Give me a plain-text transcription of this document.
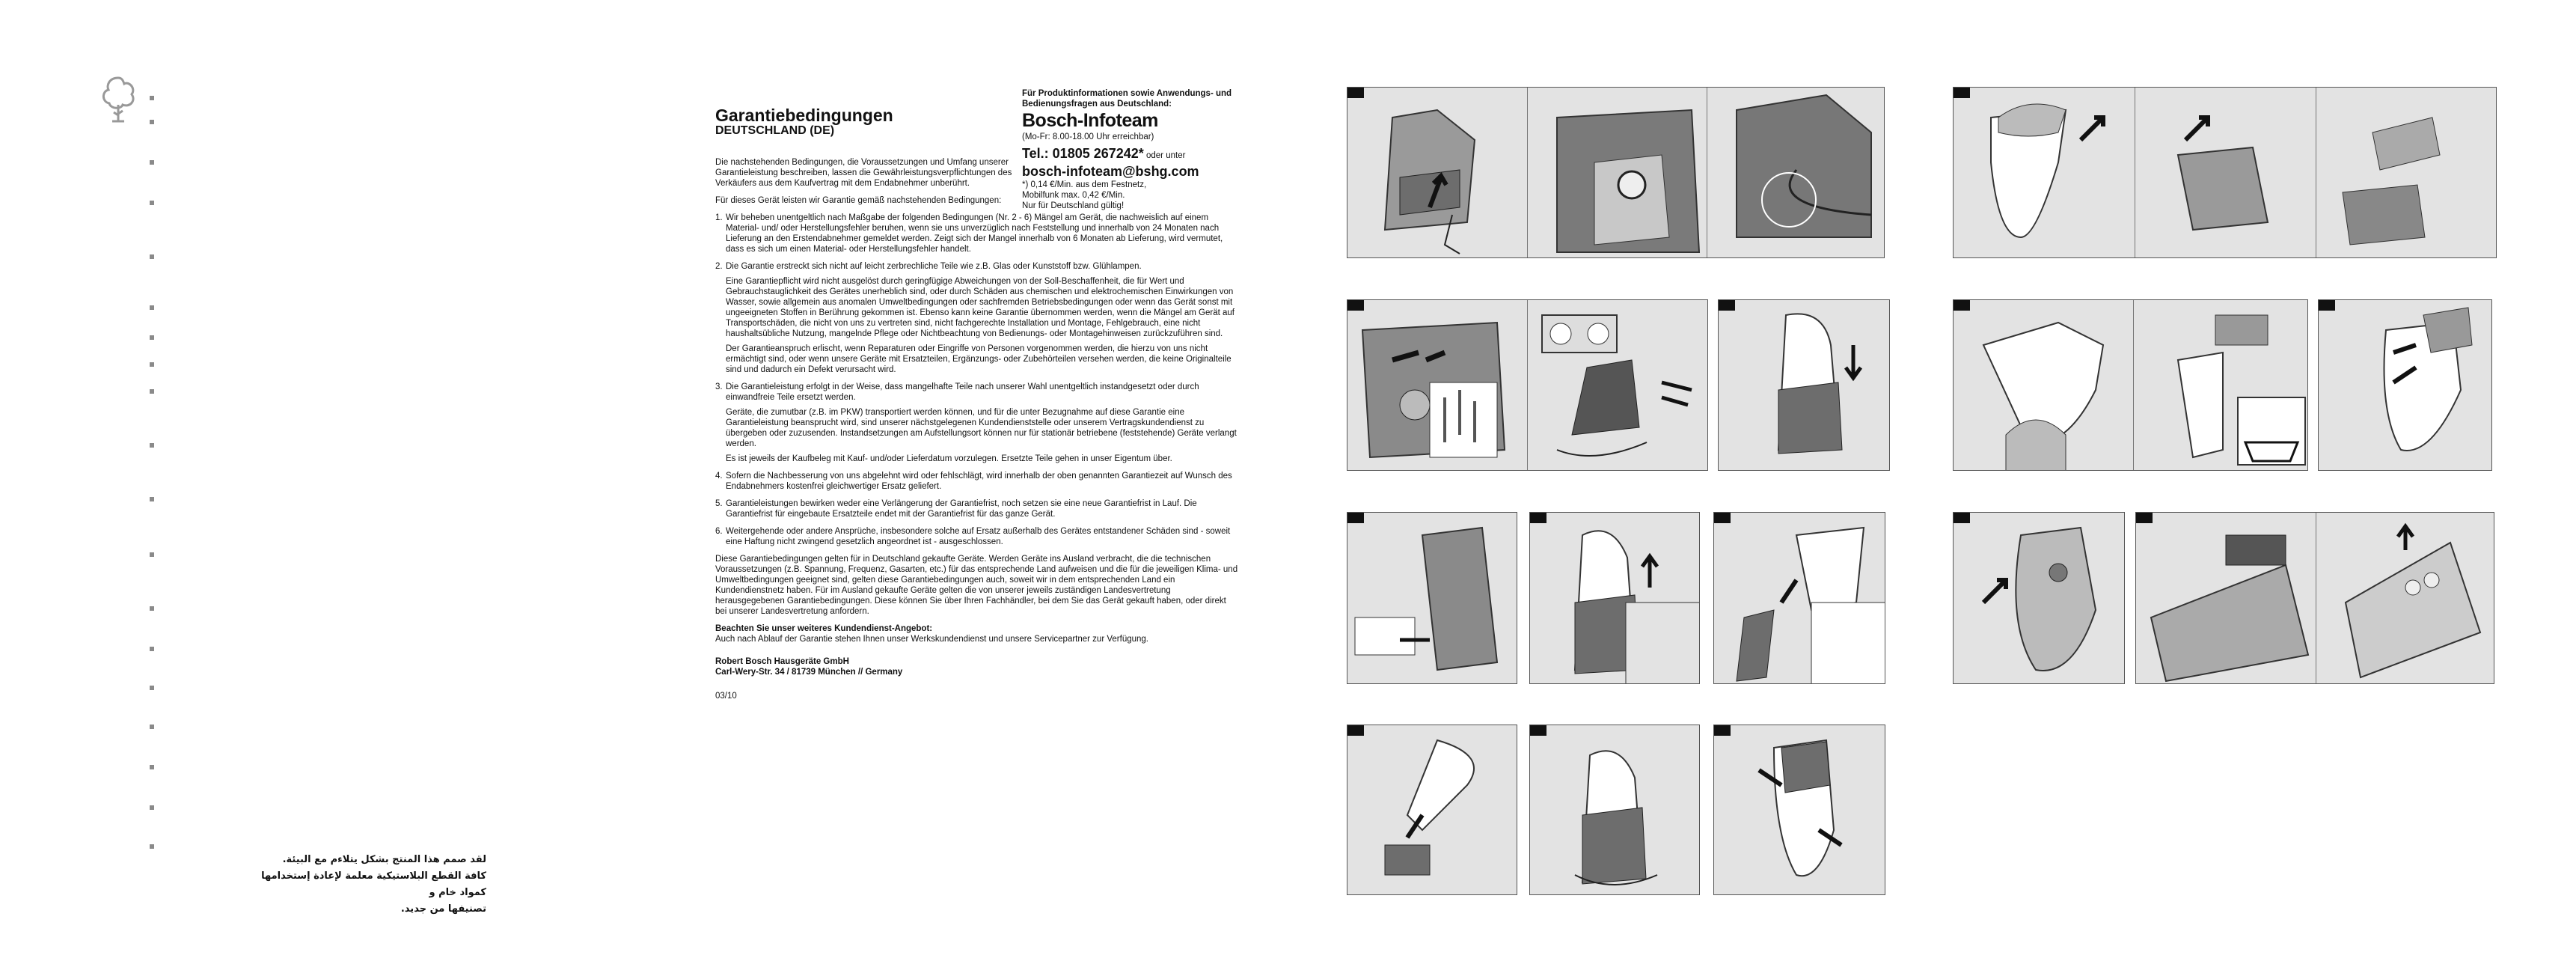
لقد صمم هذا المنتج بشكل يتلاءم مع البيئة.
كافة القطع البلاستيكية معلمة لإعادة إستخدامها كمواد خام و
تصنيفها من جديد.
Garantiebedingungen
DEUTSCHLAND (DE)

Die nachstehenden Bedingungen, die Voraussetzungen und Umfang unserer Garantieleistung beschreiben, lassen die Gewährleistungsverpflichtungen des Verkäufers aus dem Kaufvertrag mit dem Endabnehmer unberührt.

Für dieses Gerät leisten wir Garantie gemäß nachstehenden Bedingungen:

1. Wir beheben unentgeltlich nach Maßgabe der folgenden Bedingungen (Nr. 2 - 6) Mängel am Gerät, die nachweislich auf einem Material- und/ oder Herstellungsfehler beruhen, wenn sie uns unverzüglich nach Feststellung und innerhalb von 24 Monaten nach Lieferung an den Erstendabnehmer gemeldet werden. Zeigt sich der Mangel innerhalb von 6 Monaten ab Lieferung, wird vermutet, dass es sich um einen Material- oder Herstellungsfehler handelt.

2. Die Garantie erstreckt sich nicht auf leicht zerbrechliche Teile wie z.B. Glas oder Kunststoff bzw. Glühlampen.

Eine Garantiepflicht wird nicht ausgelöst durch geringfügige Abweichungen von der Soll-Beschaffenheit, die für Wert und Gebrauchstauglichkeit des Gerätes unerheblich sind, oder durch Schäden aus chemischen und elektrochemischen Einwirkungen von Wasser, sowie allgemein aus anomalen Umweltbedingungen oder sachfremden Betriebsbedingungen oder wenn das Gerät sonst mit ungeeigneten Stoffen in Berührung gekommen ist. Ebenso kann keine Garantie übernommen werden, wenn die Mängel am Gerät auf Transportschäden, die nicht von uns zu vertreten sind, nicht fachgerechte Installation und Montage, Fehlgebrauch, eine nicht haushaltsübliche Nutzung, mangelnde Pflege oder Nichtbeachtung von Bedienungs- oder Montagehinweisen zurückzuführen sind.

Der Garantieanspruch erlischt, wenn Reparaturen oder Eingriffe von Personen vorgenommen werden, die hierzu von uns nicht ermächtigt sind, oder wenn unsere Geräte mit Ersatzteilen, Ergänzungs- oder Zubehörteilen versehen werden, die keine Originalteile sind und dadurch ein Defekt verursacht wird.

3. Die Garantieleistung erfolgt in der Weise, dass mangelhafte Teile nach unserer Wahl unentgeltlich instandgesetzt oder durch einwandfreie Teile ersetzt werden.

Geräte, die zumutbar (z.B. im PKW) transportiert werden können, und für die unter Bezugnahme auf diese Garantie eine Garantieleistung beansprucht wird, sind unserer nächstgelegenen Kundendienststelle oder unserem Vertragskundendienst zu übergeben oder zuzusenden. Instandsetzungen am Aufstellungsort können nur für stationär betriebene (feststehende) Geräte verlangt werden.

Es ist jeweils der Kaufbeleg mit Kauf- und/oder Lieferdatum vorzulegen. Ersetzte Teile gehen in unser Eigentum über.

4. Sofern die Nachbesserung von uns abgelehnt wird oder fehlschlägt, wird innerhalb der oben genannten Garantiezeit auf Wunsch des Endabnehmers kostenfrei gleichwertiger Ersatz geliefert.

5. Garantieleistungen bewirken weder eine Verlängerung der Garantiefrist, noch setzen sie eine neue Garantiefrist in Lauf. Die Garantiefrist für eingebaute Ersatzteile endet mit der Garantiefrist für das ganze Gerät.

6. Weitergehende oder andere Ansprüche, insbesondere solche auf Ersatz außerhalb des Gerätes entstandener Schäden sind - soweit eine Haftung nicht zwingend gesetzlich angeordnet ist - ausgeschlossen.

Diese Garantiebedingungen gelten für in Deutschland gekaufte Geräte. Werden Geräte ins Ausland verbracht, die die technischen Voraussetzungen (z.B. Spannung, Frequenz, Gasarten, etc.) für das entsprechende Land aufweisen und die für die jeweiligen Klima- und Umweltbedingungen geeignet sind, gelten diese Garantiebedingungen auch, soweit wir in dem entsprechenden Land ein Kundendienstnetz haben. Für im Ausland gekaufte Geräte gelten die von unserer jeweils zuständigen Landesvertretung herausgegebenen Garantiebedingungen. Diese können Sie über Ihren Fachhändler, bei dem Sie das Gerät gekauft haben, oder direkt bei unserer Landesvertretung anfordern.

Beachten Sie unser weiteres Kundendienst-Angebot:
Auch nach Ablauf der Garantie stehen Ihnen unser Werkskundendienst und unsere Servicepartner zur Verfügung.

Robert Bosch Hausgeräte GmbH
Carl-Wery-Str. 34 / 81739 München // Germany

03/10

Für Produktinformationen sowie Anwendungs- und Bedienungsfragen aus Deutschland:
Bosch-Infoteam
(Mo-Fr: 8.00-18.00 Uhr erreichbar)
Tel.: 01805 267242* oder unter
bosch-infoteam@bshg.com
*) 0,14 €/Min. aus dem Festnetz,
Mobilfunk max. 0,42 €/Min.
Nur für Deutschland gültig!
